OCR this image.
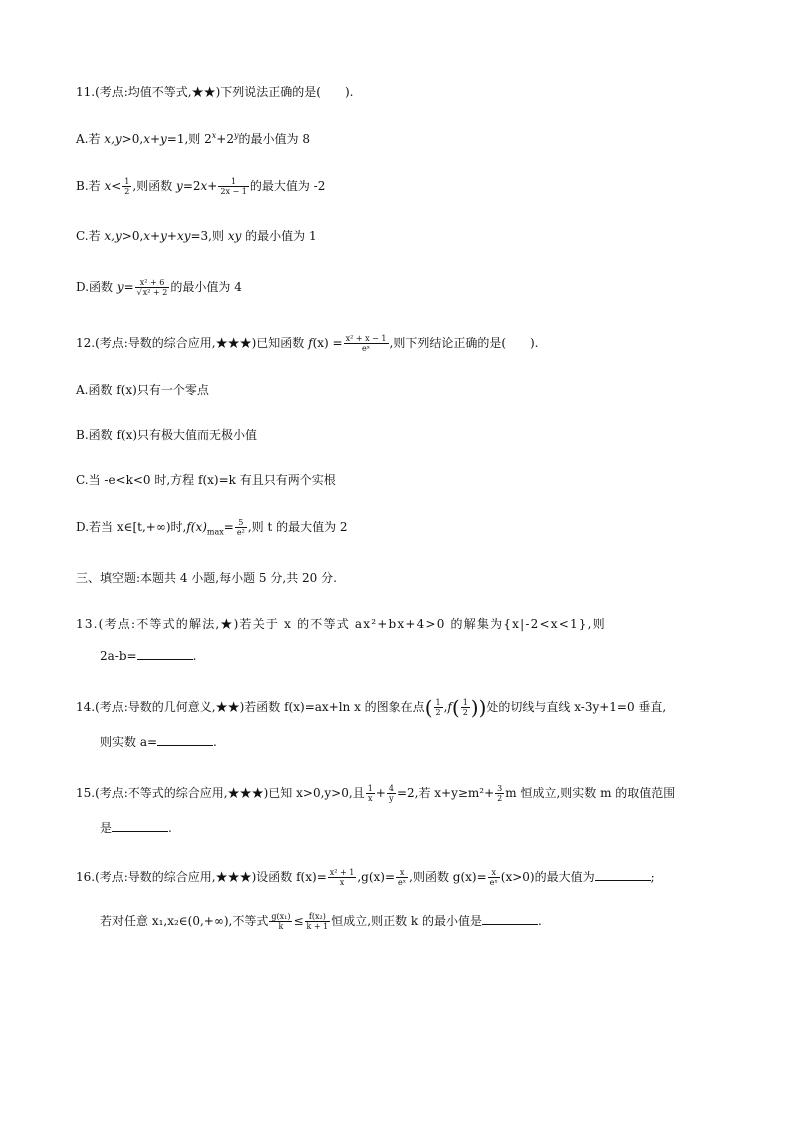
11.(考点:均值不等式,★★)下列说法正确的是(　　).
A.若 x,y>0,x+y=1,则 $2^x+2^y$的最小值为 8
B.若 $x< \frac{1}{2}$ ,则函数 $y=2x+ \frac{1}{2x - 1}$ 的最大值为 -2
C.若 x,y>0,x+y+xy=3,则 xy 的最小值为 1
D.函数 $y= \frac{\text{x² + 6}}{\text{√x² + 2}}$ 的最小值为 4
12.(考点:导数的综合应用,★★★)已知函数 $f(x) = \frac{\text{x² + x − 1}}{\text{eˣ}}$ ,则下列结论正确的是(　　).
A.函数 f(x)只有一个零点
B.函数 f(x)只有极大值而无极小值
C.当 -e<k<0 时,方程 f(x)=k 有且只有两个实根
D.若当 x∈[t,+∞)时$,f(x)_{max}= \frac{5}{\text{e²}}$ ,则 t 的最大值为 2
三、填空题:本题共 4 小题,每小题 5 分,共 20 分.
13.(考点:不等式的解法,★)若关于 x 的不等式 ax²+bx+4>0 的解集为{x|-2<x<1},则
2a-b=	.
14.(考点:导数的几何意义,★★)若函数 f(x)=ax+ln x 的图象在点( $\frac{1}{2} ,f( \frac{1}{2}$ ))处的切线与直线 x-3y+1=0 垂直,
则实数 a=	.
15.(考点:不等式的综合应用,★★★)已知 x>0,y>0,且 $\frac{1}{x} + \frac{4}{y} =2$,若 $x+y\ge m^2+ \frac{3}{2}$ m 恒成立,则实数 m 的取值范围
是	.
16.(考点:导数的综合应用,★★★)设函数 $f(x)= \frac{\text{x² + 1}}{x} ,g(x)= \frac{x}{\text{eˣ}}$ ,则函数 $g(x)= \frac{x}{\text{eˣ}} (x>0)$的最大值为	;
若对任意 x₁,x₂∈(0,+∞),不等式 $\frac{\text{g(x₁)}}{k} \le \frac{\text{f(x₂)}}{k + 1}$ 恒成立,则正数 k 的最小值是	.
